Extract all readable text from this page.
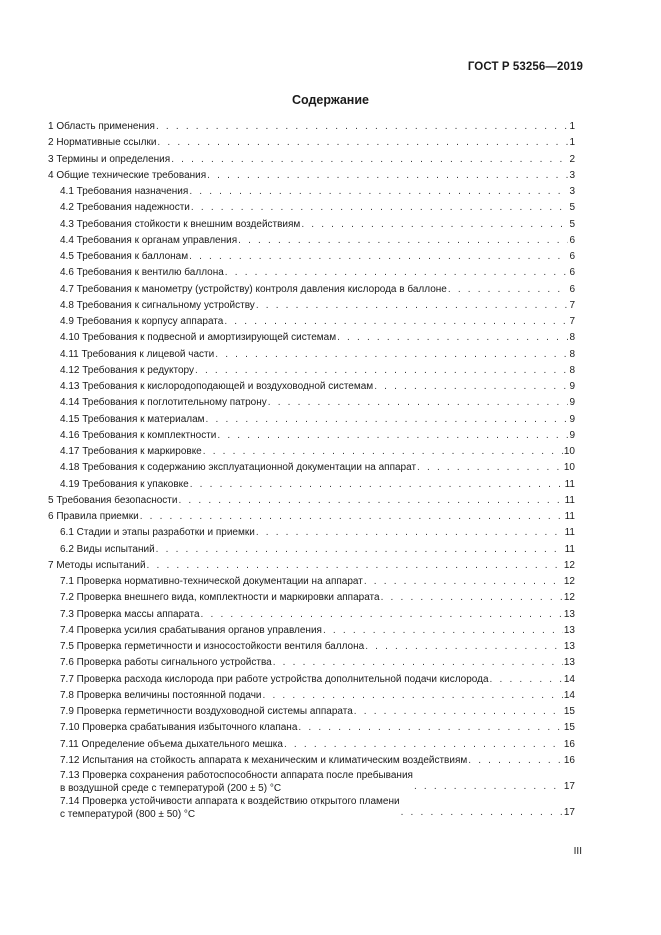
ГОСТ Р 53256—2019
Содержание
1 Область применения . . .	1
2 Нормативные ссылки . . .	1
3 Термины и определения . . .	2
4 Общие технические требования . . .	3
4.1 Требования назначения . . .	3
4.2 Требования надежности . . .	5
4.3 Требования стойкости к внешним воздействиям . . .	5
4.4 Требования к органам управления . . .	6
4.5 Требования к баллонам . . .	6
4.6 Требования к вентилю баллона . . .	6
4.7 Требования к манометру (устройству) контроля давления кислорода в баллоне . . .	6
4.8 Требования к сигнальному устройству . . .	7
4.9 Требования к корпусу аппарата . . .	7
4.10 Требования к подвесной и амортизирующей системам . . .	8
4.11 Требования к лицевой части . . .	8
4.12 Требования к редуктору . . .	8
4.13 Требования к кислородоподающей и воздуховодной системам . . .	9
4.14 Требования к поглотительному патрону . . .	9
4.15 Требования к материалам . . .	9
4.16 Требования к комплектности . . .	9
4.17 Требования к маркировке . . .	10
4.18 Требования к содержанию эксплуатационной документации на аппарат . . .	10
4.19 Требования к упаковке . . .	11
5 Требования безопасности . . .	11
6 Правила приемки . . .	11
6.1 Стадии и этапы разработки и приемки . . .	11
6.2 Виды испытаний . . .	11
7 Методы испытаний . . .	12
7.1 Проверка нормативно-технической документации на аппарат . . .	12
7.2 Проверка внешнего вида, комплектности и маркировки аппарата . . .	12
7.3 Проверка массы аппарата . . .	13
7.4 Проверка усилия срабатывания органов управления . . .	13
7.5 Проверка герметичности и износостойкости вентиля баллона . . .	13
7.6 Проверка работы сигнального устройства . . .	13
7.7 Проверка расхода кислорода при работе устройства дополнительной подачи кислорода . . .	14
7.8 Проверка величины постоянной подачи . . .	14
7.9 Проверка герметичности воздуховодной системы аппарата . . .	15
7.10 Проверка срабатывания избыточного клапана . . .	15
7.11 Определение объема дыхательного мешка . . .	16
7.12 Испытания на стойкость аппарата к механическим и климатическим воздействиям . . .	16
7.13 Проверка сохранения работоспособности аппарата после пребывания
в воздушной среде с температурой (200 ± 5) °С . . .	17
7.14 Проверка устойчивости аппарата к воздействию открытого пламени
с температурой (800 ± 50) °С . . .	17
III
